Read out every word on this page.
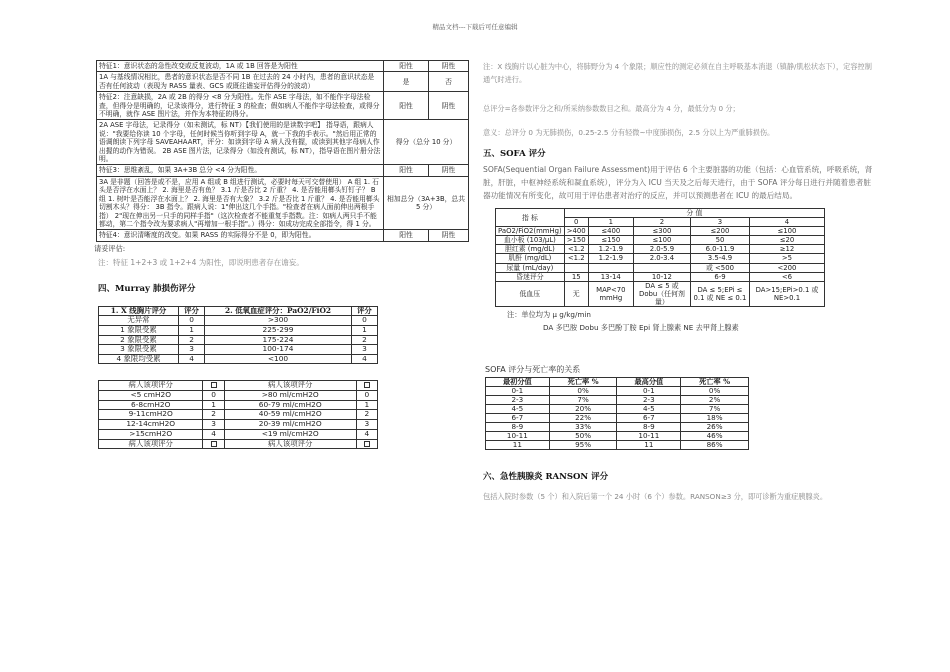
精品文档---下载后可任意编辑
特征1：意识状态的急性改变或反复波动，1A 或 1B 回答是为阳性	阳性	阴性
1A 与基线情况相比，患者的意识状态是否不同 1B 在过去的 24 小时内，患者的意识状态是否有任何波动（表现为 RASS 量表、GCS 或既往谵妄评估得分的波动）	是	否
特征2：注意缺损，2A 或 2B 的得分 <8 分为阳性。先作 ASE 字母法，如不能作字母法检查，但得分是明确的，记录该得分，进行特征 3 的检查；假如病人不能作字母法检查，或得分不明确，就作 ASE 图片法，并作为本特征的得分。	阳性	阴性
2A ASE 字母法，记录得分（如未测试，标 NT）【我们使用的是读数字吧】 指导语，跟病人说："我要给你读 10 个字母，任何时候当你听到字母 A，就一下我的手表示。"然后用正常的语调朗读下列字母 SAVEAHAART，评分：如读到字母 A 病人没有握，或读到其他字母病人作出握的动作为错误。 2B ASE 图片法，记录得分（如没有测试，标 NT），指导语在图片册分法明。	得分（总分 10 分）	
特征3：思维紊乱，如果 3A+3B 总分 <4 分为阳性。	阳性	阴性
3A 是非题（回答是或不是，应用 A 组或 B 组进行测试，必要时每天可交替使用） A 组 1. 石头是否浮在水面上？ 2. 海里是否有鱼？ 3.1 斤是否比 2 斤重？ 4. 是否能用榔头钉钉子？ B 组 1. 树叶是否能浮在水面上？ 2. 海里是否有大象？ 3.2 斤是否比 1 斤重？ 4. 是否能用榔头切割木头？得分： 3B 指令。跟病人说：1"伸出这几个手指。"检查者在病人面前伸出两根手指） 2"现在伸出另一只手的同样手指"（这次检查者不能重复手指数。注：如病人两只手不能都动，第二个指令改为要求病人"再增加一根手指"。）得分：如成功完成全部指令，得 1 分。	相加总分（3A+3B，总共 5 分）	
特征4：意识清晰度的改变。如果 RASS 的实际得分不是 0，即为阳性。	阳性	阴性
注：特征 1+2+3 或 1+2+4 为阳性，即说明患者存在谵妄。
四、Murray 肺损伤评分
1. X 线胸片评分	评分	2. 低氧血症评分：PaO2/FiO2	评分
无异常	0	>300	0
1 象限受累	1	225-299	1
2 象限受累	2	175-224	2
3 象限受累	3	100-174	3
4 象限均受累	4	<100	4
病人该项评分		病人该项评分	
<5 cmH2O	0	>80 ml/cmH2O	0
6-8cmH2O	1	60-79 ml/cmH2O	1
9-11cmH2O	2	40-59 ml/cmH2O	2
12-14cmH2O	3	20-39 ml/cmH2O	3
>15cmH2O	4	<19 ml/cmH2O	4
病人该项评分		病人该项评分	
请妥评估:
注：X 线胸片以心脏为中心，将肺野分为 4 个象限；顺应性的测定必须在自主呼吸基本消退（镇静/肌松状态下），定容控制通气时进行。
总评分=各参数评分之和/所采纳参数数目之和。最高分为 4 分，最低分为 0 分；
意义：总评分 0 为无肺损伤，0.25-2.5 分有轻微~中度肺损伤，2.5 分以上为严重肺损伤。
五、SOFA 评分
SOFA(Sequential Organ Failure Assessment)用于评估 6 个主要脏器的功能（包括：心血管系统，呼吸系统，肾脏，肝脏，中枢神经系统和凝血系统），评分为入 ICU 当天及之后每天进行，由于 SOFA 评分每日进行并随着患者脏器功能情况有所变化，故可用于评估患者对治疗的反应，并可以预测患者在 ICU 的最后结局。
指 标	分 值				
	0	1	2	3	4
PaO2/FiO2(mmHg)	>400	≤400	≤300	≤200	≤100
血小板 (103/μL)	>150	≤150	≤100	50	≤20
胆红素 (mg/dL)	<1.2	1.2-1.9	2.0-5.9	6.0-11.9	≥12
肌酐 (mg/dL)	<1.2	1.2-1.9	2.0-3.4	3.5-4.9	>5
尿量 (mL/day)				或 <500	<200
昏迷评分	15	13-14	10-12	6-9	<6
低血压	无	MAP<70 mmHg	DA ≤ 5 或 Dobu（任何剂量）	DA ≤ 5;EPi ≤ 0.1 或 NE ≤ 0.1	DA>15;EPi>0.1 或 NE>0.1
注：单位均为 μ g/kg/min
DA 多巴胺 Dobu 多巴酚丁胺 Epi 肾上腺素 NE 去甲肾上腺素
SOFA 评分与死亡率的关系
最初分值	死亡率 %	最高分值	死亡率 %
0-1	0%	0-1	0%
2-3	7%	2-3	2%
4-5	20%	4-5	7%
6-7	22%	6-7	18%
8-9	33%	8-9	26%
10-11	50%	10-11	46%
11	95%	11	86%
六、急性胰腺炎 RANSON 评分
包括入院时参数（5 个）和入院后第一个 24 小时（6 个）参数。RANSON≥3 分，即可诊断为重症胰腺炎。
